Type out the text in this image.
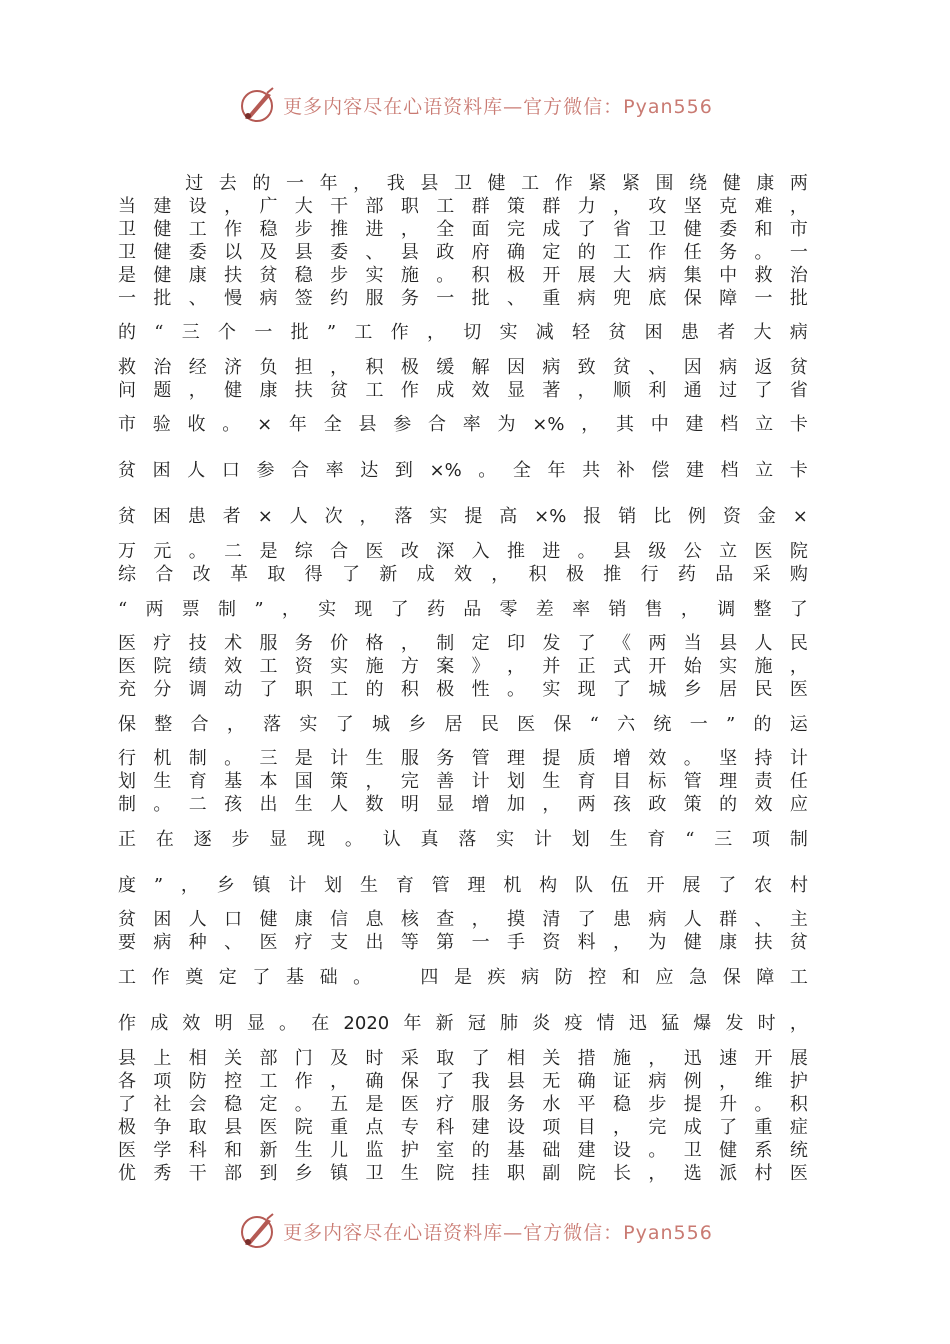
更多内容尽在心语资料库—官方微信：Pyan556

过 去 的 一 年 ， 我 县 卫 健 工 作 紧 紧 围 绕 健 康 两
当 建 设 ， 广 大 干 部 职 工 群 策 群 力 ， 攻 坚 克 难 ，
卫 健 工 作 稳 步 推 进 ， 全 面 完 成 了 省 卫 健 委 和 市
卫 健 委 以 及 县 委 、 县 政 府 确 定 的 工 作 任 务 。 一
是 健 康 扶 贫 稳 步 实 施 。 积 极 开 展 大 病 集 中 救 治
一 批 、 慢 病 签 约 服 务 一 批 、 重 病 兜 底 保 障 一 批
的 “ 三 个 一 批 ” 工 作 ， 切 实 减 轻 贫 困 患 者 大 病
救 治 经 济 负 担 ， 积 极 缓 解 因 病 致 贫 、 因 病 返 贫
问 题 ， 健 康 扶 贫 工 作 成 效 显 著 ， 顺 利 通 过 了 省
市 验 收 。 × 年 全 县 参 合 率 为 ×% ， 其 中 建 档 立 卡
贫 困 人 口 参 合 率 达 到 ×% 。 全 年 共 补 偿 建 档 立 卡
贫 困 患 者 × 人 次 ， 落 实 提 高 ×% 报 销 比 例 资 金 ×
万 元 。 二 是 综 合 医 改 深 入 推 进 。 县 级 公 立 医 院
综 合 改 革 取 得 了 新 成 效 ， 积 极 推 行 药 品 采 购
“ 两 票 制 ” ， 实 现 了 药 品 零 差 率 销 售 ， 调 整 了
医 疗 技 术 服 务 价 格 ， 制 定 印 发 了 《 两 当 县 人 民
医 院 绩 效 工 资 实 施 方 案 》 ， 并 正 式 开 始 实 施 ，
充 分 调 动 了 职 工 的 积 极 性 。 实 现 了 城 乡 居 民 医
保 整 合 ， 落 实 了 城 乡 居 民 医 保 “ 六 统 一 ” 的 运
行 机 制 。 三 是 计 生 服 务 管 理 提 质 增 效 。 坚 持 计
划 生 育 基 本 国 策 ， 完 善 计 划 生 育 目 标 管 理 责 任
制 。 二 孩 出 生 人 数 明 显 增 加 ， 两 孩 政 策 的 效 应
正 在 逐 步 显 现 。 认 真 落 实 计 划 生 育 “ 三 项 制
度 ” ， 乡 镇 计 划 生 育 管 理 机 构 队 伍 开 展 了 农 村
贫 困 人 口 健 康 信 息 核 查 ， 摸 清 了 患 病 人 群 、 主
要 病 种 、 医 疗 支 出 等 第 一 手 资 料 ， 为 健 康 扶 贫
工 作 奠 定 了 基 础 。
　	四 是 疾 病 防 控 和 应 急 保 障 工
作 成 效 明 显 。 在 2020 年 新 冠 肺 炎 疫 情 迅 猛 爆 发 时 ，
县 上 相 关 部 门 及 时 采 取 了 相 关 措 施 ， 迅 速 开 展
各 项 防 控 工 作 ， 确 保 了 我 县 无 确 证 病 例 ， 维 护
了 社 会 稳 定 。 五 是 医 疗 服 务 水 平 稳 步 提 升 。 积
极 争 取 县 医 院 重 点 专 科 建 设 项 目 ， 完 成 了 重 症
医 学 科 和 新 生 儿 监 护 室 的 基 础 建 设 。 卫 健 系 统
优 秀 干 部 到 乡 镇 卫 生 院 挂 职 副 院 长 ， 选 派 村 医
更多内容尽在心语资料库—官方微信：Pyan556
